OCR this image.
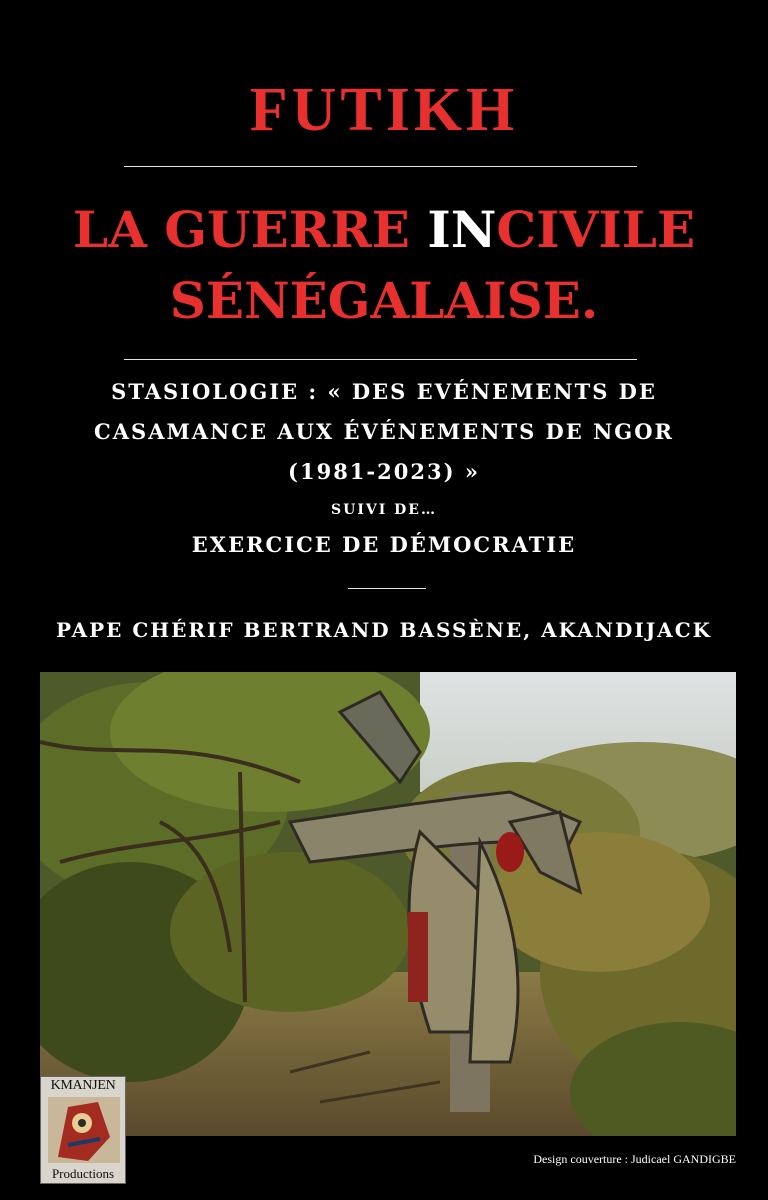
FUTIKH
LA GUERRE INCIVILE
SÉNÉGALAISE.
STASIOLOGIE : « DES EVÉNEMENTS DE
CASAMANCE AUX ÉVÉNEMENTS DE NGOR
(1981-2023) »
SUIVI DE…
EXERCICE DE DÉMOCRATIE
PAPE CHÉRIF BERTRAND BASSÈNE, AKANDIJACK
KMANJEN
Productions
Design couverture : Judicael GANDIGBE
